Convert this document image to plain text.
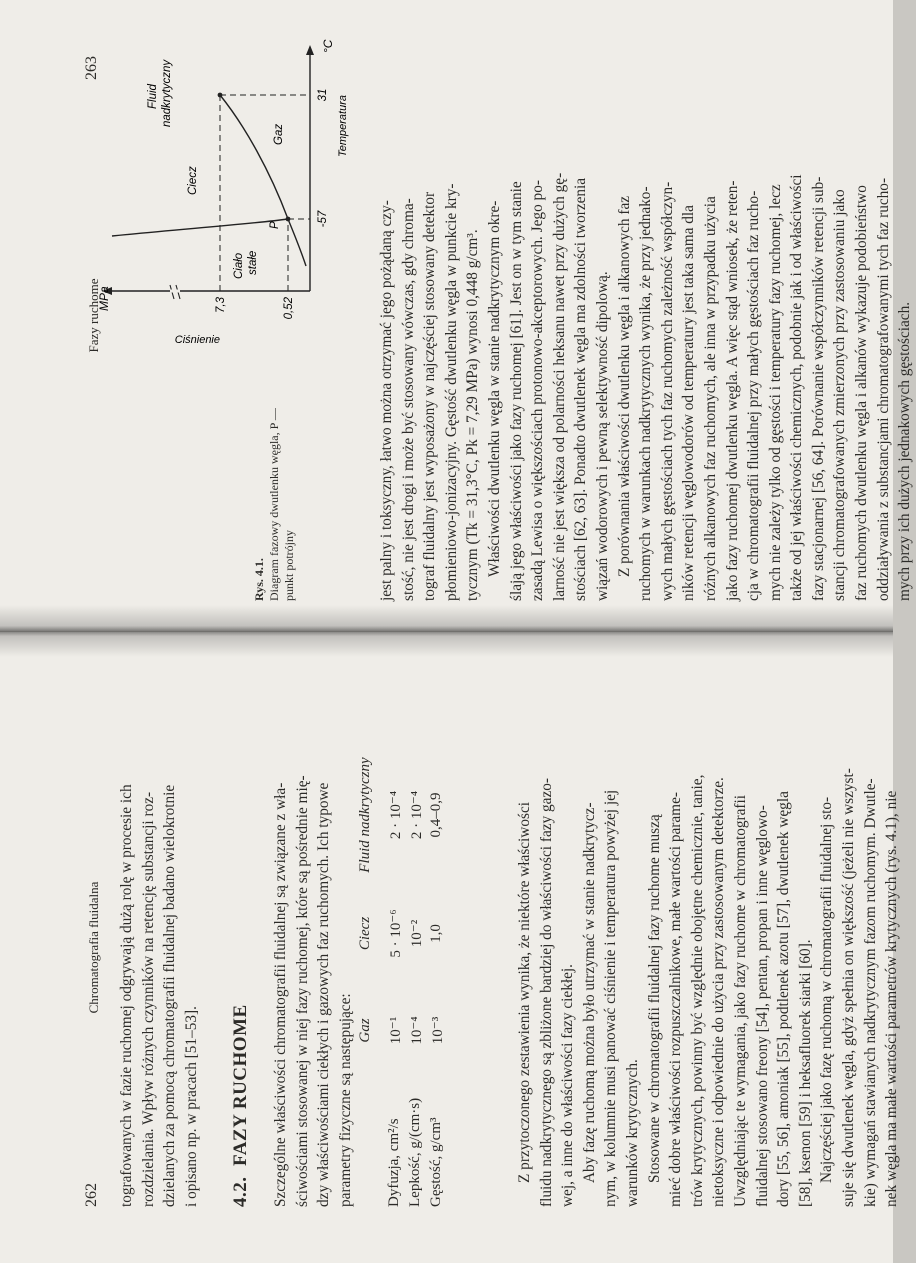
262
Chromatografia fluidalna tografowanych w fazie ruchomej odgrywają dużą rolę w procesie ich rozdzielania. Wpływ różnych czynników na retencję substancji roz- dzielanych za pomocą chromatografii fluidalnej badano wielokrotnie i opisano np. w pracach [51–53]. 4.2.  FAZY RUCHOME Szczególne właściwości chromatografii fluidalnej są związane z wła- ściwościami stosowanej w niej fazy ruchomej, które są pośrednie mię- dzy właściwościami ciekłych i gazowych faz ruchomych. Ich typowe parametry fizyczne są następujące:

	Gaz	Ciecz	Fluid nadkrytyczny

Dyfuzja, cm²/s	10⁻¹	5 · 10⁻⁶	2 · 10⁻⁴
Lepkość, g/(cm·s)	10⁻⁴	10⁻²	2 · 10⁻⁴
Gęstość, g/cm³	10⁻³	1,0	0,4–0,9	Z przytoczonego zestawienia wynika, że niektóre właściwości fluidu nadkrytycznego są zbliżone bardziej do właściwości fazy gazo- wej, a inne do właściwości fazy ciekłej. Aby fazę ruchomą można było utrzymać w stanie nadkrytycz- nym, w kolumnie musi panować ciśnienie i temperatura powyżej jej warunków krytycznych. Stosowane w chromatografii fluidalnej fazy ruchome muszą mieć dobre właściwości rozpuszczalnikowe, małe wartości parame- trów krytycznych, powinny być względnie obojętne chemicznie, tanie, nietoksyczne i odpowiednie do użycia przy zastosowanym detektorze. Uwzględniając te wymagania, jako fazy ruchome w chromatografii fluidalnej stosowano freony [54], pentan, propan i inne węglowo- dory [55, 56], amoniak [55], podtlenek azotu [57], dwutlenek węgla [58], ksenon [59] i heksafluorek siarki [60]. Najczęściej jako fazę ruchomą w chromatografii fluidalnej sto- suje się dwutlenek węgla, gdyż spełnia on większość (jeżeli nie wszyst- kie) wymagań stawianych nadkrytycznym fazom ruchomym. Dwutle- nek węgla ma małe wartości parametrów krytycznych (rys. 4.1), nie

Fazy ruchome
263
Rys. 4.1. Diagram fazowy dwutlenku węgla, P — punkt potrójny
MPa
°C
Ciśnienie
Temperatura
7,3	0,52
-57
31
Ciało stałe
Ciecz
Gaz
Fluid nadkrytyczny
P	jest palny i toksyczny, łatwo można otrzymać jego pożądaną czy- stość, nie jest drogi i może być stosowany wówczas, gdy chroma- tograf fluidalny jest wyposażony w najczęściej stosowany detektor płomieniowo-jonizacyjny. Gęstość dwutlenku węgla w punkcie kry- tycznym (Tk = 31,3°C, Pk = 7,29 MPa) wynosi 0,448 g/cm³. Właściwości dwutlenku węgla w stanie nadkrytycznym okre- ślają jego właściwości jako fazy ruchomej [61]. Jest on w tym stanie zasadą Lewisa o większościach protonowo-akceptorowych. Jego po- larność nie jest większa od polarności heksanu nawet przy dużych gę- stościach [62, 63]. Ponadto dwutlenek węgla ma zdolności tworzenia wiązań wodorowych i pewną selektywność dipolową. Z porównania właściwości dwutlenku węgla i alkanowych faz ruchomych w warunkach nadkrytycznych wynika, że przy jednako- wych małych gęstościach tych faz ruchomych zależność współczyn- ników retencji węglowodorów od temperatury jest taka sama dla różnych alkanowych faz ruchomych, ale inna w przypadku użycia jako fazy ruchomej dwutlenku węgla. A więc stąd wniosek, że reten- cja w chromatografii fluidalnej przy małych gęstościach faz rucho- mych nie zależy tylko od gęstości i temperatury fazy ruchomej, lecz także od jej właściwości chemicznych, podobnie jak i od właściwości fazy stacjonarnej [56, 64]. Porównanie współczynników retencji sub- stancji chromatografowanych zmierzonych przy zastosowaniu jako faz ruchomych dwutlenku węgla i alkanów wykazuje podobieństwo oddziaływania z substancjami chromatografowanymi tych faz rucho- mych przy ich dużych jednakowych gęstościach.
